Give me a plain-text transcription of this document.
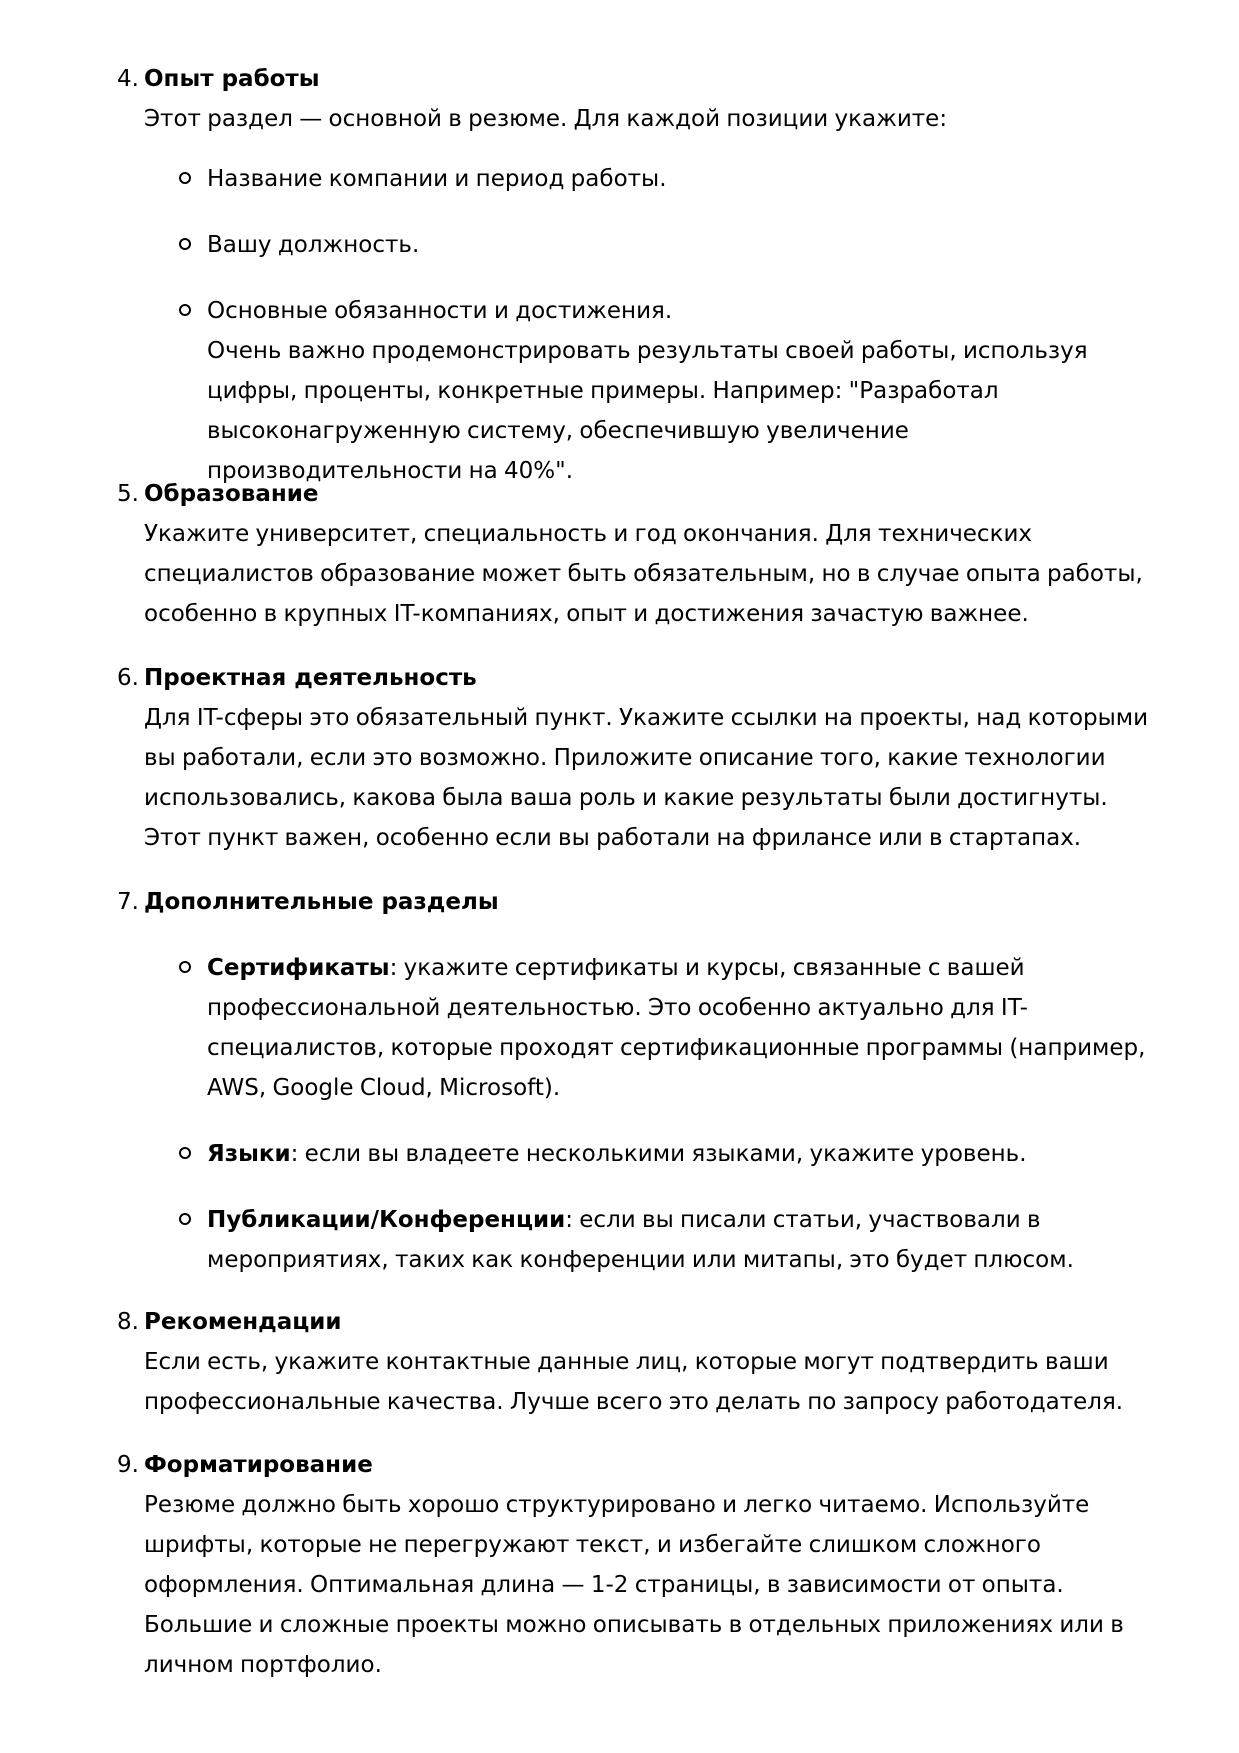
4. Опыт работы
Этот раздел — основной в резюме. Для каждой позиции укажите:
Название компании и период работы.
Вашу должность.
Основные обязанности и достижения.
Очень важно продемонстрировать результаты своей работы, используя цифры, проценты, конкретные примеры. Например: "Разработал высоконагруженную систему, обеспечившую увеличение производительности на 40%".
5. Образование
Укажите университет, специальность и год окончания. Для технических специалистов образование может быть обязательным, но в случае опыта работы, особенно в крупных IT-компаниях, опыт и достижения зачастую важнее.
6. Проектная деятельность
Для IT-сферы это обязательный пункт. Укажите ссылки на проекты, над которыми вы работали, если это возможно. Приложите описание того, какие технологии использовались, какова была ваша роль и какие результаты были достигнуты. Этот пункт важен, особенно если вы работали на фрилансе или в стартапах.
7. Дополнительные разделы
Сертификаты: укажите сертификаты и курсы, связанные с вашей профессиональной деятельностью. Это особенно актуально для IT-специалистов, которые проходят сертификационные программы (например, AWS, Google Cloud, Microsoft).
Языки: если вы владеете несколькими языками, укажите уровень.
Публикации/Конференции: если вы писали статьи, участвовали в мероприятиях, таких как конференции или митапы, это будет плюсом.
8. Рекомендации
Если есть, укажите контактные данные лиц, которые могут подтвердить ваши профессиональные качества. Лучше всего это делать по запросу работодателя.
9. Форматирование
Резюме должно быть хорошо структурировано и легко читаемо. Используйте шрифты, которые не перегружают текст, и избегайте слишком сложного оформления. Оптимальная длина — 1-2 страницы, в зависимости от опыта. Большие и сложные проекты можно описывать в отдельных приложениях или в личном портфолио.
